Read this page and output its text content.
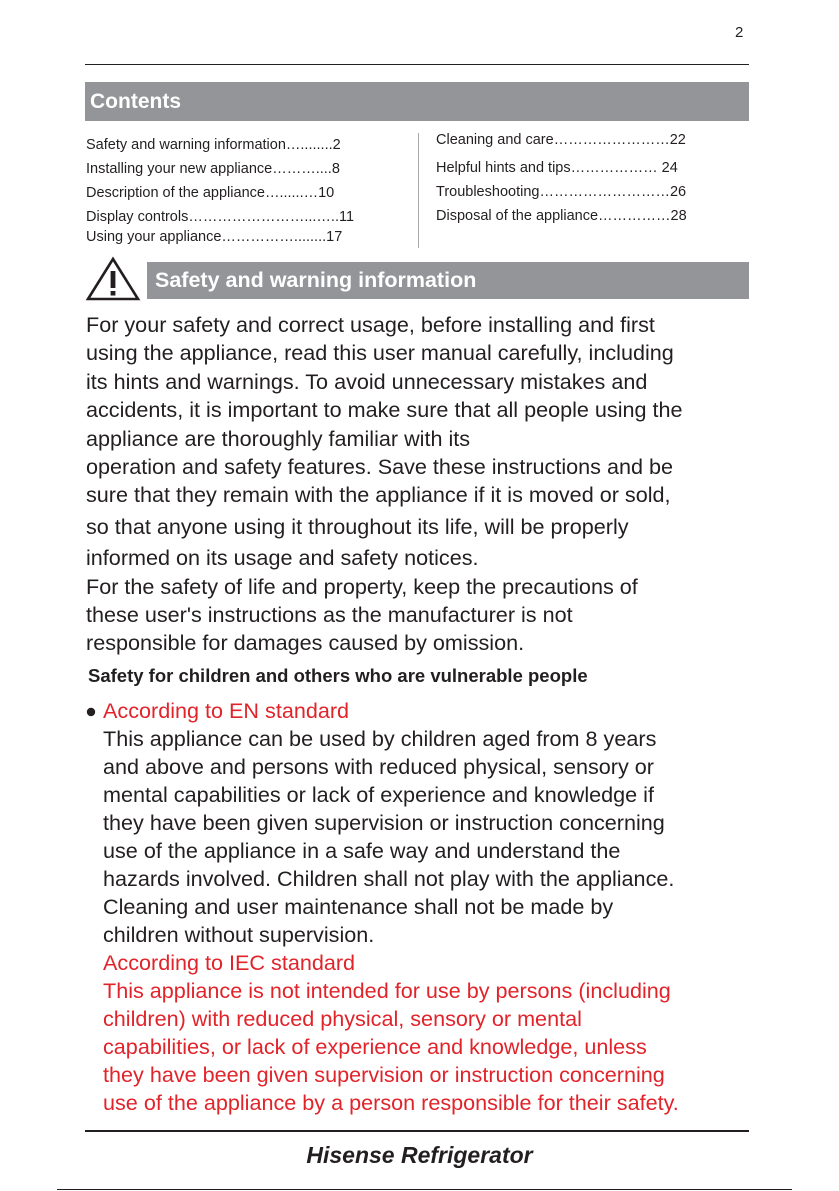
2
Contents
Safety and warning information…........2
Installing your new appliance………....8
Description of the appliance…......…10
Display controls……………………...…..11
Using your appliance……………........17
Cleaning and care……………………22
Helpful hints and tips……………… 24
Troubleshooting………………………26
Disposal of the appliance……………28
Safety and warning information

For your safety and correct usage, before installing and first

using the appliance, read this user manual carefully, including

its hints and warnings. To avoid unnecessary mistakes and

accidents, it is important to make sure that all people using the

appliance are thoroughly familiar with its

operation and safety features. Save these instructions and be

sure that they remain with the appliance if it is moved or sold,

so that anyone using it throughout its life, will be properly

informed on its usage and safety notices.

For the safety of life and property, keep the precautions of

these user's instructions as the manufacturer is not

responsible for damages caused by omission.

Safety for children and others who are vulnerable people

According to EN standard

This appliance can be used by children aged from 8 years

and above and persons with reduced physical, sensory or

mental capabilities or lack of experience and knowledge if

they have been given supervision or instruction concerning

use of the appliance in a safe way and understand the

hazards involved. Children shall not play with the appliance.

Cleaning and user maintenance shall not be made by

children without supervision.

According to IEC standard

This appliance is not intended for use by persons (including

children) with reduced physical, sensory or mental

capabilities, or lack of experience and knowledge, unless

they have been given supervision or instruction concerning

use of the appliance by a person responsible for their safety.

Hisense Refrigerator
